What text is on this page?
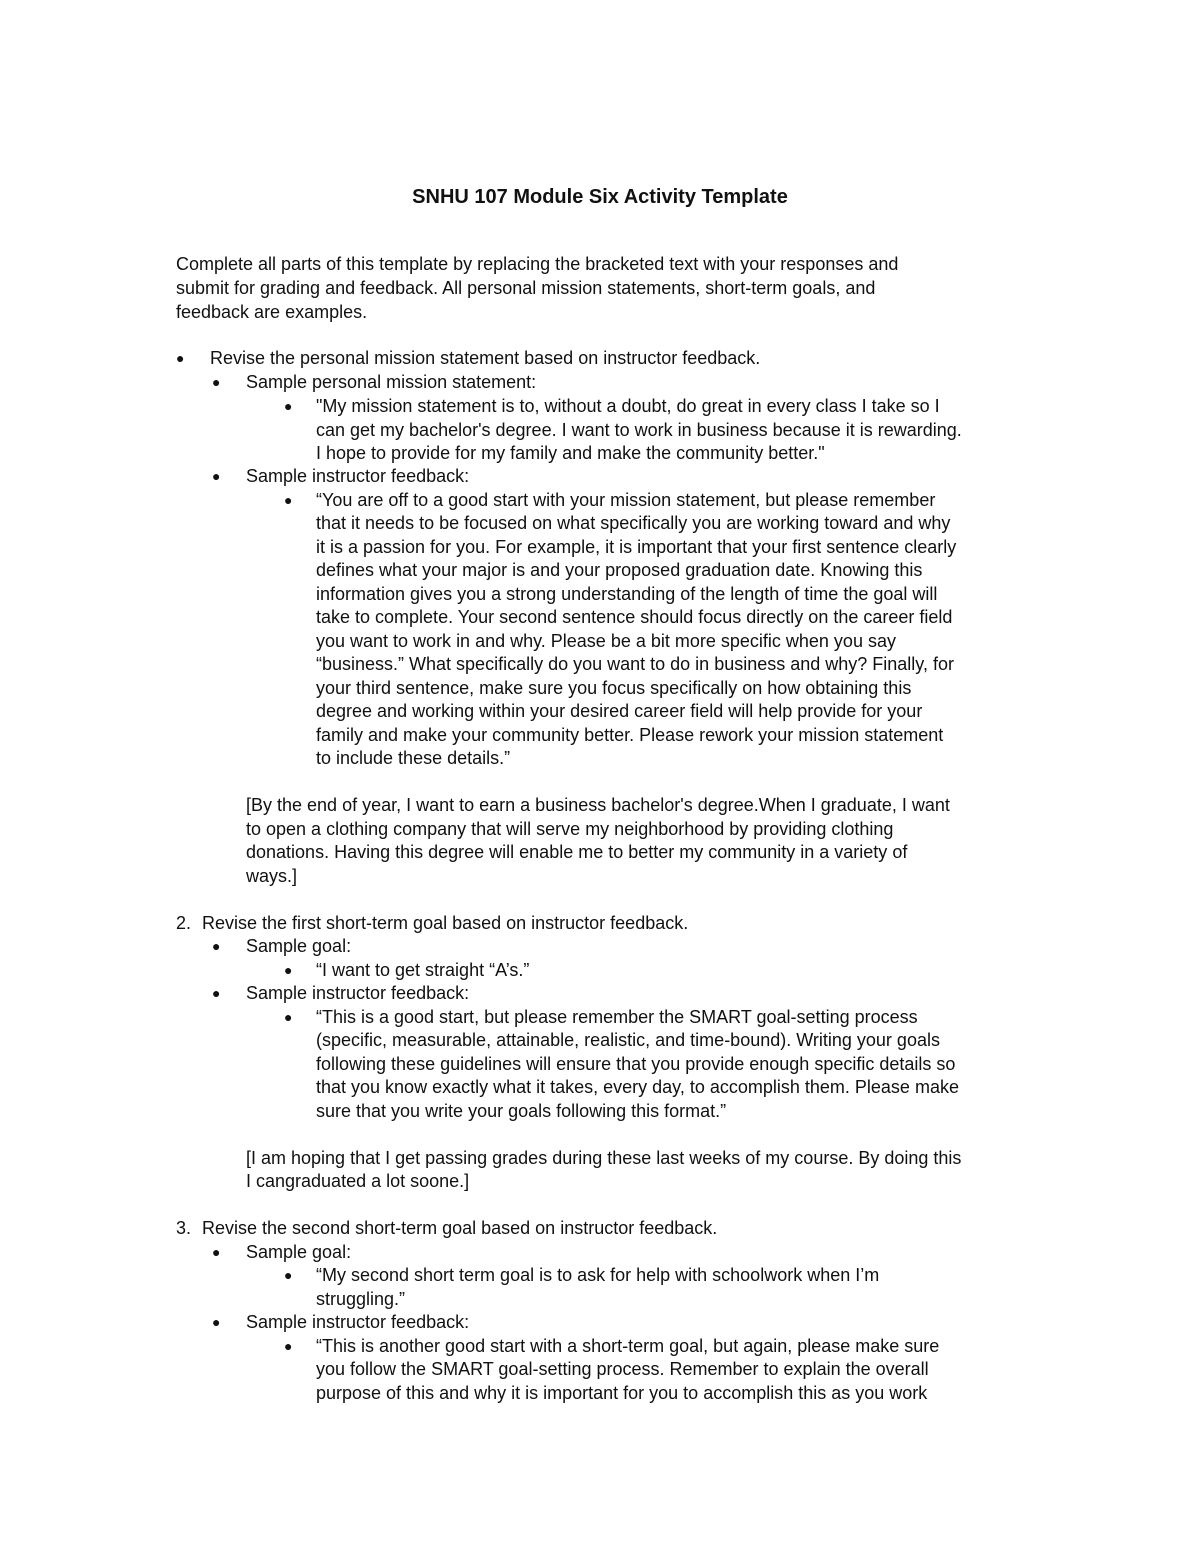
SNHU 107 Module Six Activity Template
Complete all parts of this template by replacing the bracketed text with your responses and
submit for grading and feedback. All personal mission statements, short-term goals, and
feedback are examples.
● Revise the personal mission statement based on instructor feedback.
● Sample personal mission statement:
● "My mission statement is to, without a doubt, do great in every class I take so I
can get my bachelor's degree. I want to work in business because it is rewarding.
I hope to provide for my family and make the community better."
● Sample instructor feedback:
● “You are off to a good start with your mission statement, but please remember
that it needs to be focused on what specifically you are working toward and why
it is a passion for you. For example, it is important that your first sentence clearly
defines what your major is and your proposed graduation date. Knowing this
information gives you a strong understanding of the length of time the goal will
take to complete. Your second sentence should focus directly on the career field
you want to work in and why. Please be a bit more specific when you say
“business.” What specifically do you want to do in business and why? Finally, for
your third sentence, make sure you focus specifically on how obtaining this
degree and working within your desired career field will help provide for your
family and make your community better. Please rework your mission statement
to include these details.”
[By the end of year, I want to earn a business bachelor's degree.When I graduate, I want
to open a clothing company that will serve my neighborhood by providing clothing
donations. Having this degree will enable me to better my community in a variety of
ways.]
2. Revise the first short-term goal based on instructor feedback.
● Sample goal:
● “I want to get straight “A’s.”
● Sample instructor feedback:
● “This is a good start, but please remember the SMART goal-setting process
(specific, measurable, attainable, realistic, and time-bound). Writing your goals
following these guidelines will ensure that you provide enough specific details so
that you know exactly what it takes, every day, to accomplish them. Please make
sure that you write your goals following this format.”
[I am hoping that I get passing grades during these last weeks of my course. By doing this
I cangraduated a lot soone.]
3. Revise the second short-term goal based on instructor feedback.
● Sample goal:
● “My second short term goal is to ask for help with schoolwork when I’m
struggling.”
● Sample instructor feedback:
● “This is another good start with a short-term goal, but again, please make sure
you follow the SMART goal-setting process. Remember to explain the overall
purpose of this and why it is important for you to accomplish this as you work
